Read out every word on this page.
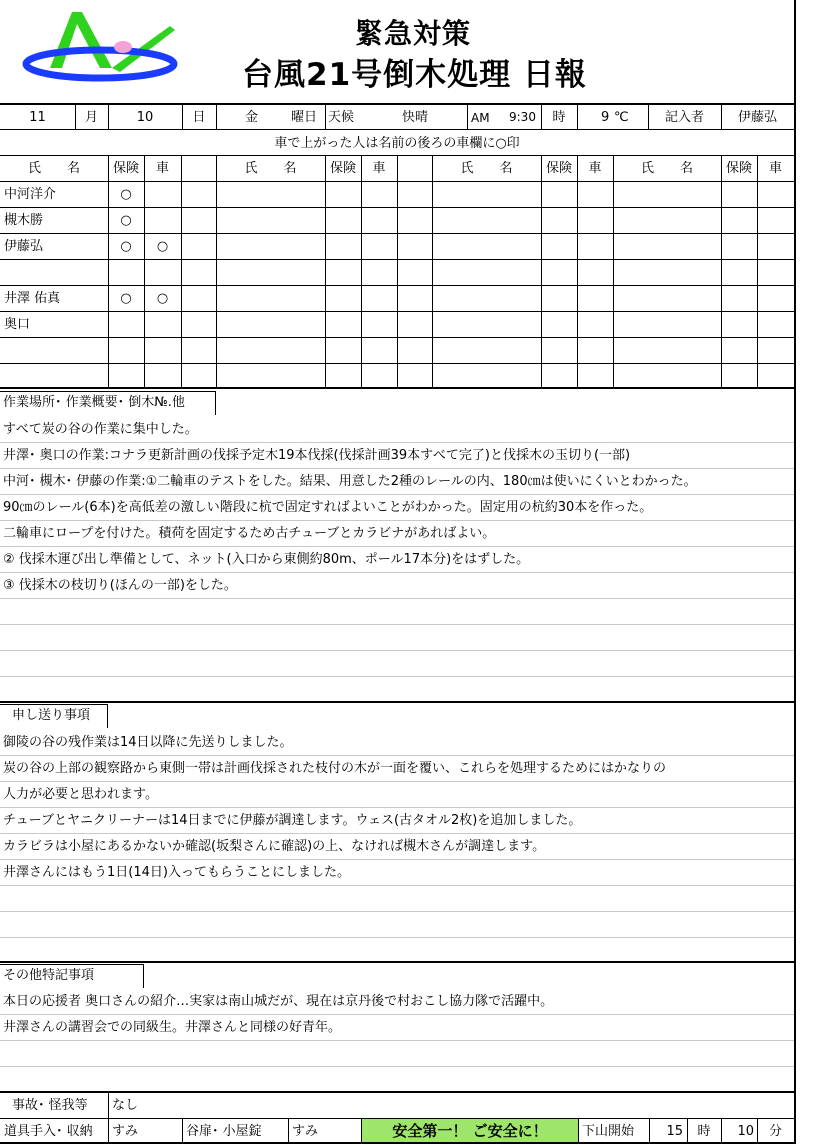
緊急対策
台風21号倒木処理 日報
11	月	10	日	金	曜日 天候	快晴	AM 9:30	時	9 ℃	記入者	伊藤弘
車で上がった人は名前の後ろの車欄に○印
作業場所･ 作業概要･ 倒木№.他
申し送り事項
その他特記事項
事故･ 怪我等 なし
道具手入･ 収納 すみ	谷扉･ 小屋錠 すみ	安全第一！ ご安全に！	下山開始	15	時	10	分
氏　　名	保険	車	氏　　名	保険	車	氏　　名	保険	車	氏　　名	保険	車
中河洋介	○
槻木勝	○
伊藤弘	○	○
井澤 佑真	○	○
奥口
すべて炭の谷の作業に集中した。
井澤･ 奥口の作業:コナラ更新計画の伐採予定木19本伐採(伐採計画39本すべて完了)と伐採木の玉切り(一部)
中河･ 槻木･ 伊藤の作業:①二輪車のテストをした。結果、用意した2種のレールの内、180㎝は使いにくいとわかった。
90㎝のレール(6本)を高低差の激しい階段に杭で固定すればよいことがわかった。固定用の杭約30本を作った。
二輪車にロープを付けた。積荷を固定するため古チューブとカラビナがあればよい。
② 伐採木運び出し準備として、ネット(入口から東側約80m、ポール17本分)をはずした。
③ 伐採木の枝切り(ほんの一部)をした。
御陵の谷の残作業は14日以降に先送りしました。
炭の谷の上部の観察路から東側一帯は計画伐採された枝付の木が一面を覆い、これらを処理するためにはかなりの
人力が必要と思われます。
チューブとヤニクリーナーは14日までに伊藤が調達します。ウェス(古タオル2枚)を追加しました。
カラビラは小屋にあるかないか確認(坂梨さんに確認)の上、なければ槻木さんが調達します。
井澤さんにはもう1日(14日)入ってもらうことにしました。
本日の応援者 奥口さんの紹介…実家は南山城だが、現在は京丹後で村おこし協力隊で活躍中。
井澤さんの講習会での同級生。井澤さんと同様の好青年。
